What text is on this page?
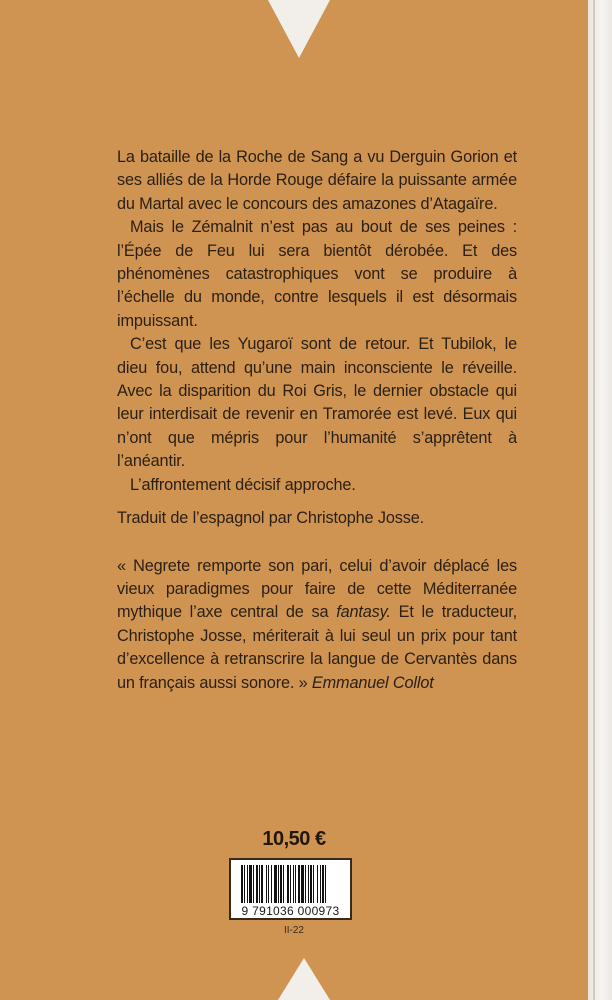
La bataille de la Roche de Sang a vu Derguin Gorion et ses alliés de la Horde Rouge défaire la puissante armée du Martal avec le concours des amazones d’Atagaïre.

Mais le Zémalnit n’est pas au bout de ses peines : l’Épée de Feu lui sera bientôt dérobée. Et des phénomènes catastrophiques vont se produire à l’échelle du monde, contre lesquels il est désormais impuissant.

C’est que les Yugaroï sont de retour. Et Tubilok, le dieu fou, attend qu’une main inconsciente le réveille. Avec la disparition du Roi Gris, le dernier obstacle qui leur interdisait de revenir en Tramorée est levé. Eux qui n’ont que mépris pour l’humanité s’apprêtent à l’anéantir.

L’affrontement décisif approche.

Traduit de l’espagnol par Christophe Josse.

« Negrete remporte son pari, celui d’avoir déplacé les vieux paradigmes pour faire de cette Méditerranée mythique l’axe central de sa fantasy. Et le traducteur, Christophe Josse, mériterait à lui seul un prix pour tant d’excellence à retranscrire la langue de Cervantès dans un français aussi sonore. » Emmanuel Collot

10,50 €
9 791036 000973
II-22
